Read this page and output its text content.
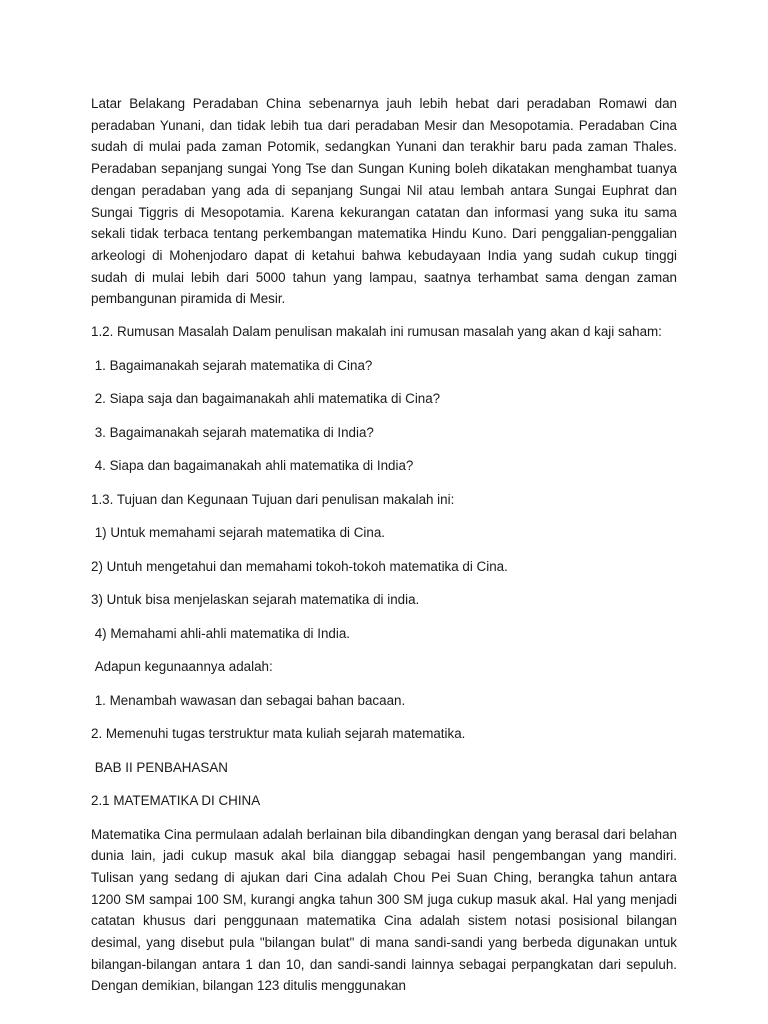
Latar Belakang Peradaban China sebenarnya jauh lebih hebat dari peradaban Romawi dan peradaban Yunani, dan tidak lebih tua dari peradaban Mesir dan Mesopotamia. Peradaban Cina sudah di mulai pada zaman Potomik, sedangkan Yunani dan terakhir baru pada zaman Thales. Peradaban sepanjang sungai Yong Tse dan Sungan Kuning boleh dikatakan menghambat tuanya dengan peradaban yang ada di sepanjang Sungai Nil atau lembah antara Sungai Euphrat dan Sungai Tiggris di Mesopotamia. Karena kekurangan catatan dan informasi yang suka itu sama sekali tidak terbaca tentang perkembangan matematika Hindu Kuno. Dari penggalian-penggalian arkeologi di Mohenjodaro dapat di ketahui bahwa kebudayaan India yang sudah cukup tinggi sudah di mulai lebih dari 5000 tahun yang lampau, saatnya terhambat sama dengan zaman pembangunan piramida di Mesir.

1.2. Rumusan Masalah Dalam penulisan makalah ini rumusan masalah yang akan d kaji saham:

1. Bagaimanakah sejarah matematika di Cina?

2. Siapa saja dan bagaimanakah ahli matematika di Cina?

3. Bagaimanakah sejarah matematika di India?

4. Siapa dan bagaimanakah ahli matematika di India?

1.3. Tujuan dan Kegunaan Tujuan dari penulisan makalah ini:

1) Untuk memahami sejarah matematika di Cina.

2) Untuh mengetahui dan memahami tokoh-tokoh matematika di Cina.

3) Untuk bisa menjelaskan sejarah matematika di india.

4) Memahami ahli-ahli matematika di India.

Adapun kegunaannya adalah:

1. Menambah wawasan dan sebagai bahan bacaan.

2. Memenuhi tugas terstruktur mata kuliah sejarah matematika.

BAB II PENBAHASAN

2.1 MATEMATIKA DI CHINA

Matematika Cina permulaan adalah berlainan bila dibandingkan dengan yang berasal dari belahan dunia lain, jadi cukup masuk akal bila dianggap sebagai hasil pengembangan yang mandiri. Tulisan yang sedang di ajukan dari Cina adalah Chou Pei Suan Ching, berangka tahun antara 1200 SM sampai 100 SM, kurangi angka tahun 300 SM juga cukup masuk akal. Hal yang menjadi catatan khusus dari penggunaan matematika Cina adalah sistem notasi posisional bilangan desimal, yang disebut pula "bilangan bulat" di mana sandi-sandi yang berbeda digunakan untuk bilangan-bilangan antara 1 dan 10, dan sandi-sandi lainnya sebagai perpangkatan dari sepuluh. Dengan demikian, bilangan 123 ditulis menggunakan
